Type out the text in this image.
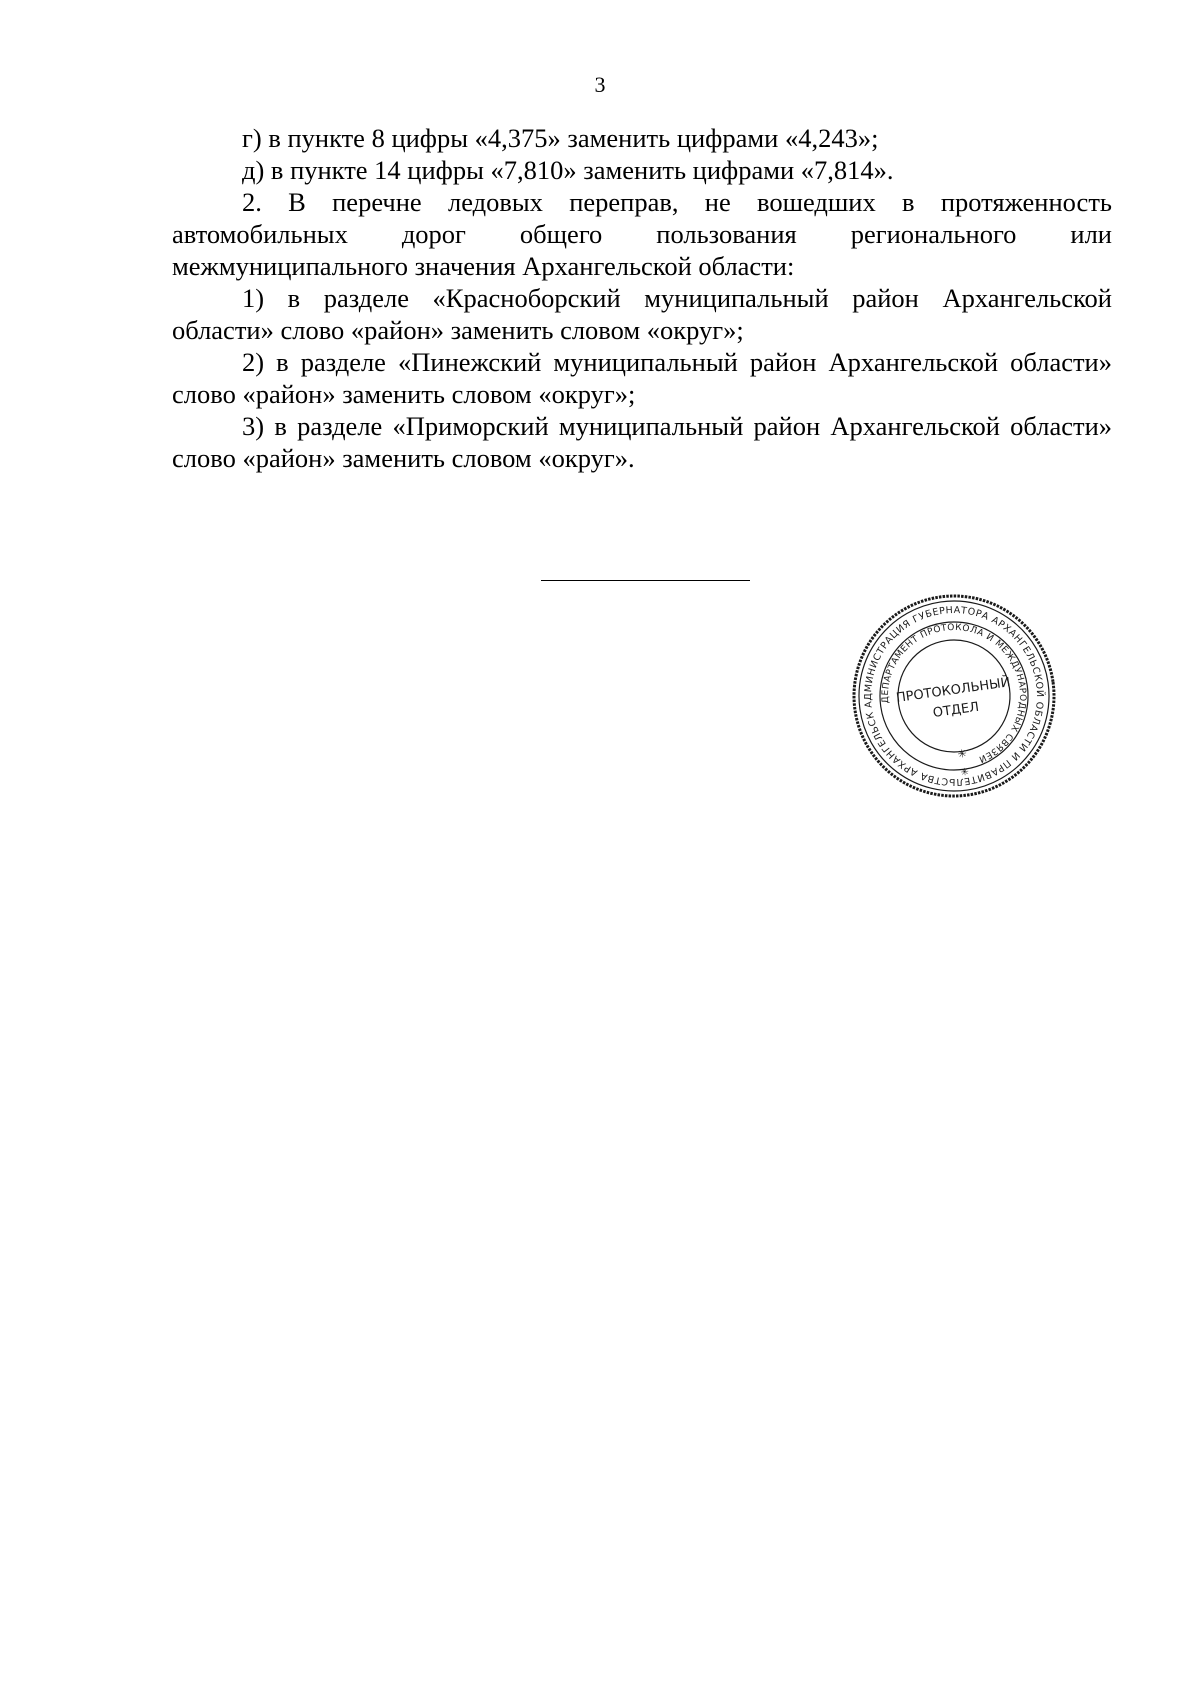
3

г) в пункте 8 цифры «4,375» заменить цифрами «4,243»;

д) в пункте 14 цифры «7,810» заменить цифрами «7,814».

2. В перечне ледовых переправ, не вошедших в протяженность автомобильных дорог общего пользования регионального или межмуниципального значения Архангельской области:

1) в разделе «Красноборский муниципальный район Архангельской области» слово «район» заменить словом «округ»;

2) в разделе «Пинежский муниципальный район Архангельской области» слово «район» заменить словом «округ»;

3) в разделе «Приморский муниципальный район Архангельской области» слово «район» заменить словом «округ».

АДМИНИСТРАЦИЯ ГУБЕРНАТОРА АРХАНГЕЛЬСКОЙ ОБЛАСТИ И ПРАВИТЕЛЬСТВА АРХАНГЕЛЬСКОЙ
ДЕПАРТАМЕНТ ПРОТОКОЛА И МЕЖДУНАРОДНЫХ СВЯЗЕЙ
ПРОТОКОЛЬНЫЙ
ОТДЕЛ
✳
✳
